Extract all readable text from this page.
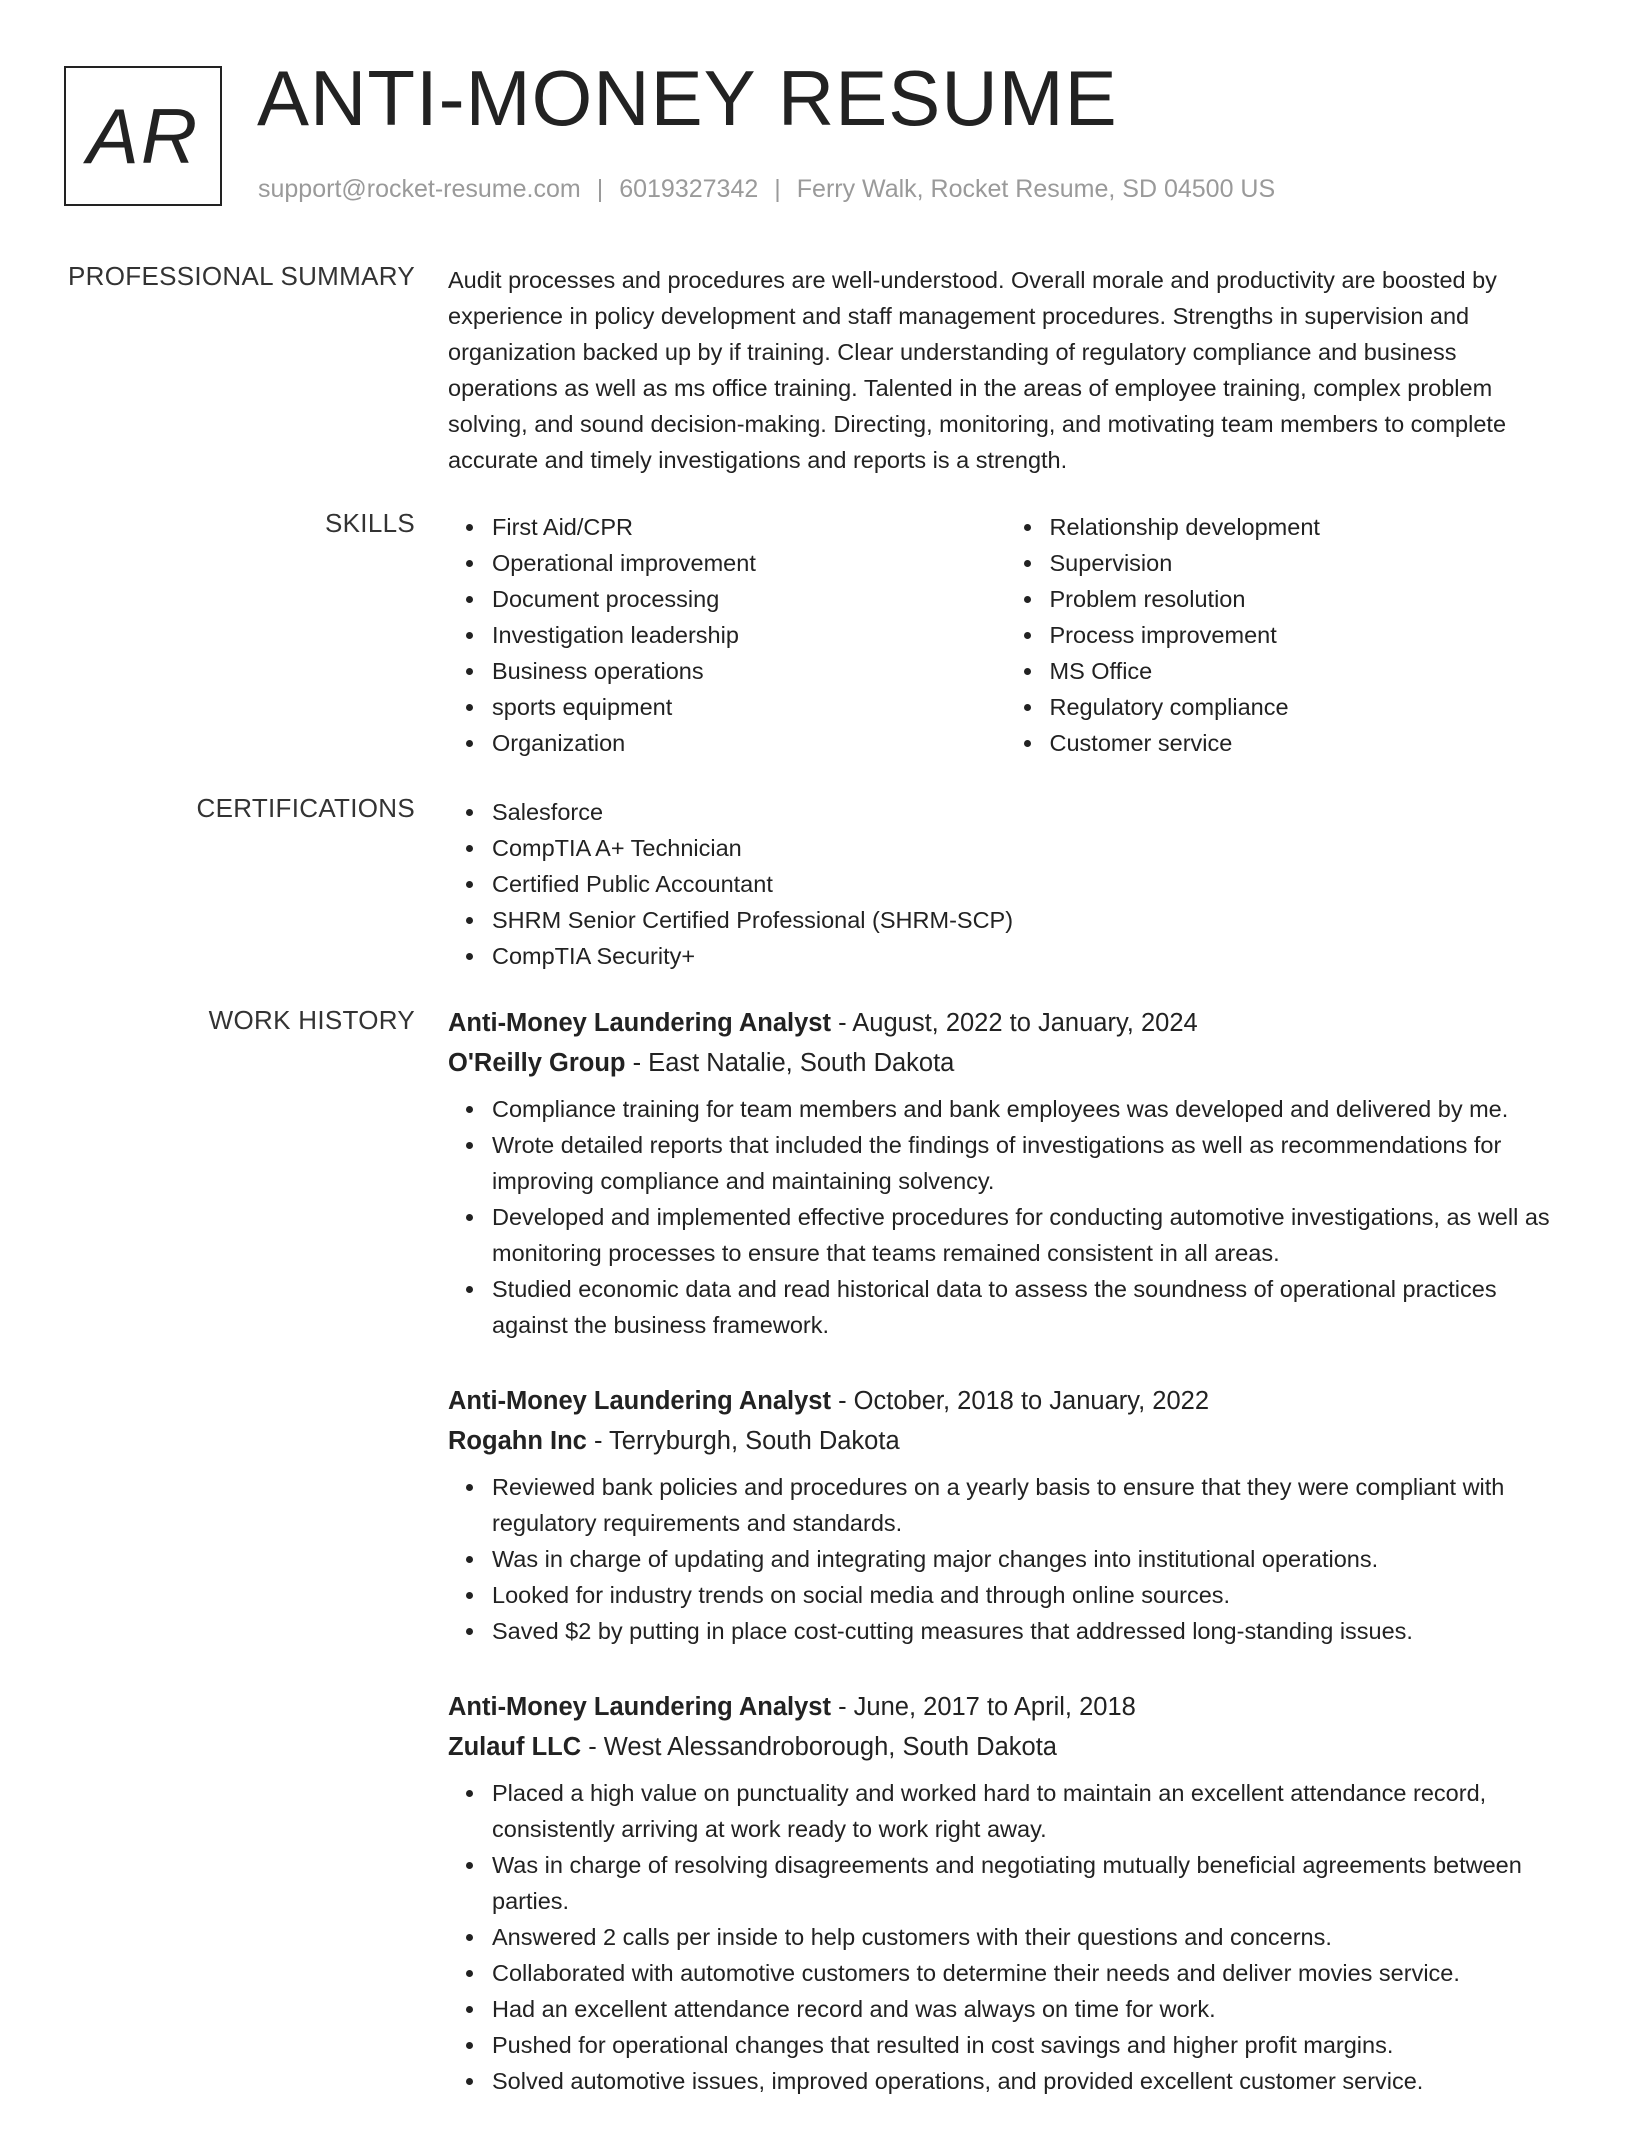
AR ANTI-MONEY RESUME
support@rocket-resume.com | 6019327342 | Ferry Walk, Rocket Resume, SD 04500 US
PROFESSIONAL SUMMARY Audit processes and procedures are well-understood. Overall morale and productivity are boosted by experience in policy development and staff management procedures. Strengths in supervision and organization backed up by if training. Clear understanding of regulatory compliance and business operations as well as ms office training. Talented in the areas of employee training, complex problem solving, and sound decision-making. Directing, monitoring, and motivating team members to complete accurate and timely investigations and reports is a strength.

SKILLS	First Aid/CPR
Operational improvement
Document processing
Investigation leadership
Business operations
sports equipment
Organization
Relationship development
Supervision
Problem resolution
Process improvement
MS Office
Regulatory compliance
Customer service
CERTIFICATIONS	Salesforce
CompTIA A+ Technician
Certified Public Accountant
SHRM Senior Certified Professional (SHRM-SCP)
CompTIA Security+
WORK HISTORY Anti-Money Laundering Analyst - August, 2022 to January, 2024
O'Reilly Group - East Natalie, South Dakota
Compliance training for team members and bank employees was developed and delivered by me.
Wrote detailed reports that included the findings of investigations as well as recommendations for improving compliance and maintaining solvency.
Developed and implemented effective procedures for conducting automotive investigations, as well as monitoring processes to ensure that teams remained consistent in all areas.
Studied economic data and read historical data to assess the soundness of operational practices against the business framework.
Anti-Money Laundering Analyst - October, 2018 to January, 2022
Rogahn Inc - Terryburgh, South Dakota
Reviewed bank policies and procedures on a yearly basis to ensure that they were compliant with regulatory requirements and standards.
Was in charge of updating and integrating major changes into institutional operations.
Looked for industry trends on social media and through online sources.
Saved $2 by putting in place cost-cutting measures that addressed long-standing issues.
Anti-Money Laundering Analyst - June, 2017 to April, 2018
Zulauf LLC - West Alessandroborough, South Dakota
Placed a high value on punctuality and worked hard to maintain an excellent attendance record, consistently arriving at work ready to work right away.
Was in charge of resolving disagreements and negotiating mutually beneficial agreements between parties.
Answered 2 calls per inside to help customers with their questions and concerns.
Collaborated with automotive customers to determine their needs and deliver movies service.
Had an excellent attendance record and was always on time for work.
Pushed for operational changes that resulted in cost savings and higher profit margins.
Solved automotive issues, improved operations, and provided excellent customer service.
